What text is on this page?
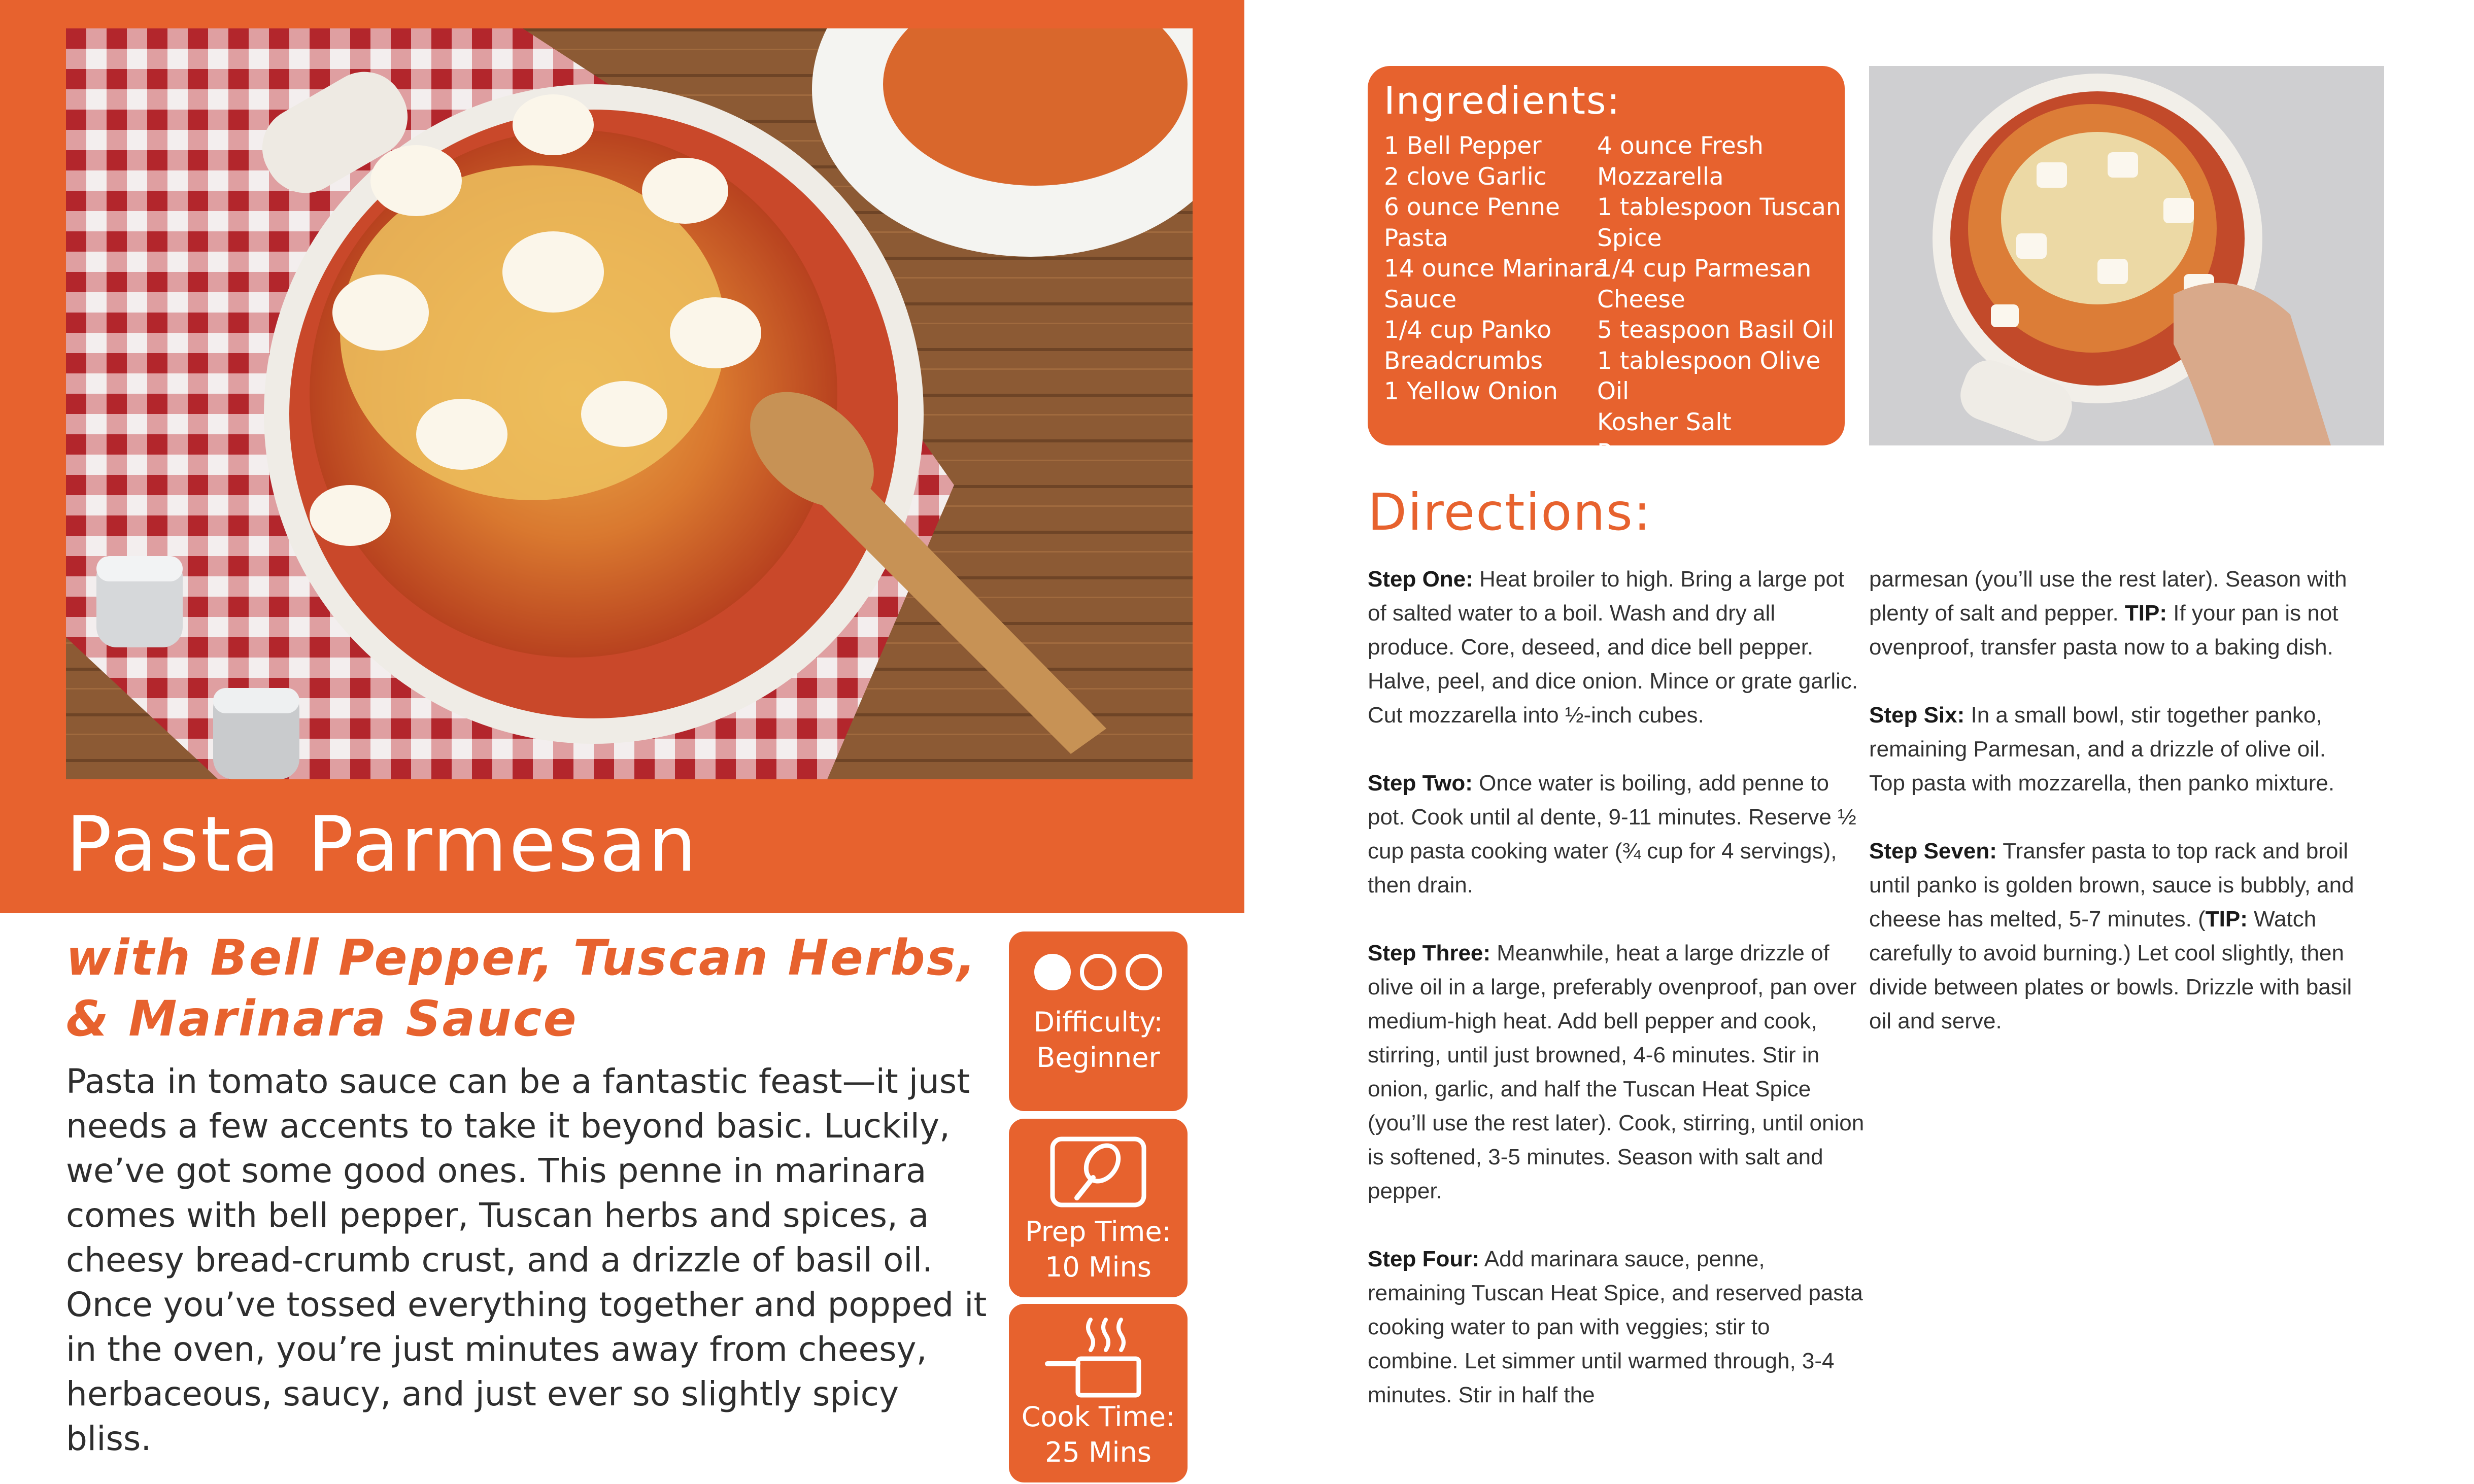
Pasta Parmesan
with Bell Pepper, Tuscan Herbs,
& Marinara Sauce
Pasta in tomato sauce can be a fantastic feast—it just needs a few accents to take it beyond basic. Luckily, we’ve got some good ones. This penne in marinara comes with bell pepper, Tuscan herbs and spices, a cheesy bread-crumb crust, and a drizzle of basil oil. Once you’ve tossed everything together and popped it in the oven, you’re just minutes away from cheesy, herbaceous, saucy, and just ever so slightly spicy bliss.
Difficulty:
Beginner
Prep Time:
10 Mins
Cook Time:
25 Mins
Ingredients:
1 Bell Pepper
2 clove Garlic
6 ounce Penne
Pasta
14 ounce Marinara
Sauce
1/4 cup Panko
Breadcrumbs
1 Yellow Onion
4 ounce Fresh
Mozzarella
1 tablespoon Tuscan
Spice
1/4 cup Parmesan
Cheese
5 teaspoon Basil Oil
1 tablespoon Olive Oil
Kosher Salt
Pepper
Directions:

Step One: Heat broiler to high. Bring a large pot of salted water to a boil. Wash and dry all produce. Core, deseed, and dice bell pepper. Halve, peel, and dice onion. Mince or grate garlic. Cut mozzarella into ½-inch cubes.

Step Two: Once water is boiling, add penne to pot. Cook until al dente, 9-11 minutes. Reserve ½ cup pasta cooking water (¾ cup for 4 servings), then drain.

Step Three: Meanwhile, heat a large drizzle of olive oil in a large, preferably ovenproof, pan over medium-high heat. Add bell pepper and cook, stirring, until just browned, 4-6 minutes. Stir in onion, garlic, and half the Tuscan Heat Spice (you’ll use the rest later). Cook, stirring, until onion is softened, 3-5 minutes. Season with salt and pepper.

Step Four: Add marinara sauce, penne, remaining Tuscan Heat Spice, and reserved pasta cooking water to pan with veggies; stir to combine. Let simmer until warmed through, 3-4 minutes. Stir in half the

parmesan (you’ll use the rest later). Season with plenty of salt and pepper. TIP: If your pan is not ovenproof, transfer pasta now to a baking dish.

Step Six: In a small bowl, stir together panko, remaining Parmesan, and a drizzle of olive oil. Top pasta with mozzarella, then panko mixture.

Step Seven: Transfer pasta to top rack and broil until panko is golden brown, sauce is bubbly, and cheese has melted, 5-7 minutes. (TIP: Watch carefully to avoid burning.) Let cool slightly, then divide between plates or bowls. Drizzle with basil oil and serve.
